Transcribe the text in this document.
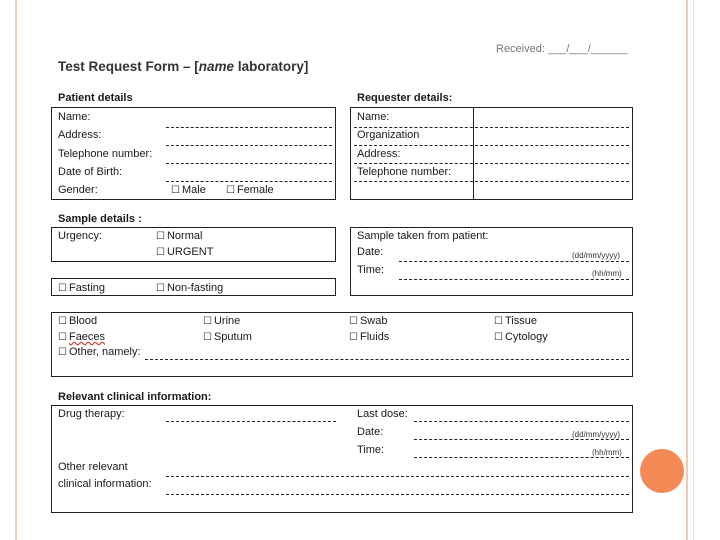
Received: ___/___/______
Test Request Form – [name laboratory]
Patient details
Name:
Address:
Telephone number:
Date of Birth:
Gender:	☐ Male ☐ Female
Requester details:
Name:
Organization
Address:
Telephone number:
Sample details :
Urgency:	☐ Normal
☐ URGENT
☐ Fasting	☐ Non-fasting
Sample taken from patient:
Date:
Time:
(dd/mm/yyyy)
(hh/mm)
☐ Blood	☐ Urine	☐ Swab	☐ Tissue
☐ Faeces	☐ Sputum	☐ Fluids	☐ Cytology
☐ Other, namely:
Relevant clinical information:
Drug therapy:	Last dose:
Date:	(dd/mm/yyyy)
Time:	(hh/mm)
Other relevant
clinical information:
